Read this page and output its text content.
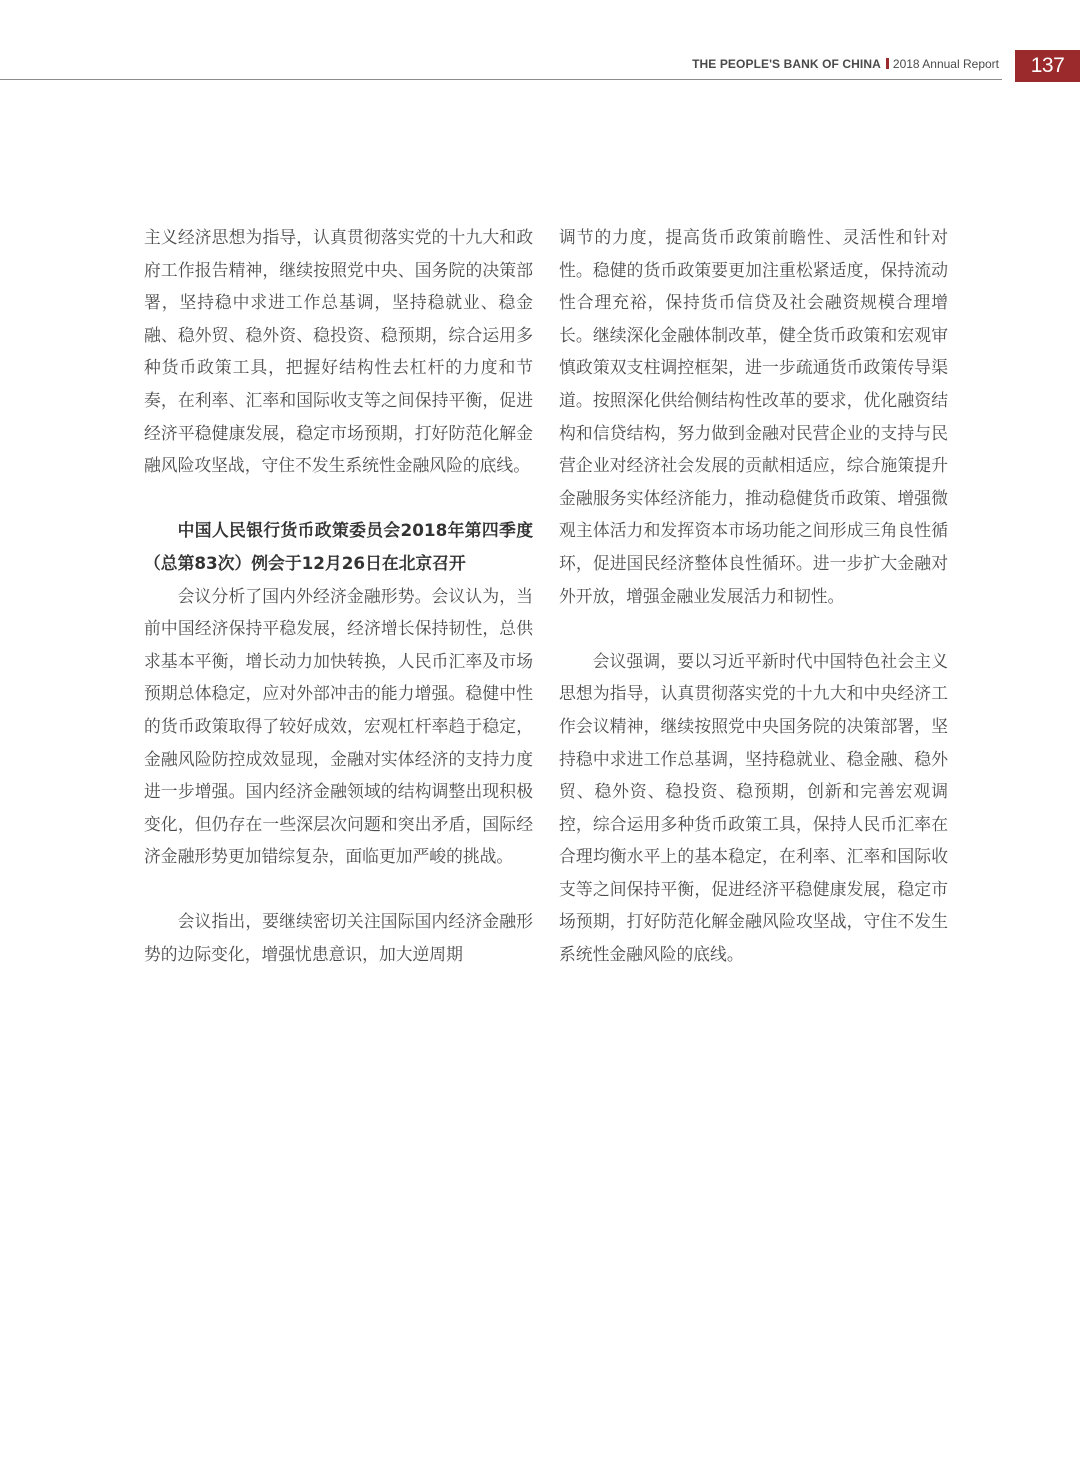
THE PEOPLE'S BANK OF CHINA 2018 Annual Report	137

主义经济思想为指导，认真贯彻落实党的十九大和政府工作报告精神，继续按照党中央、国务院的决策部署，坚持稳中求进工作总基调，坚持稳就业、稳金融、稳外贸、稳外资、稳投资、稳预期，综合运用多种货币政策工具，把握好结构性去杠杆的力度和节奏，在利率、汇率和国际收支等之间保持平衡，促进经济平稳健康发展，稳定市场预期，打好防范化解金融风险攻坚战，守住不发生系统性金融风险的底线。

中国人民银行货币政策委员会2018年第四季度（总第83次）例会于12月26日在北京召开

会议分析了国内外经济金融形势。会议认为，当前中国经济保持平稳发展，经济增长保持韧性，总供求基本平衡，增长动力加快转换，人民币汇率及市场预期总体稳定，应对外部冲击的能力增强。稳健中性的货币政策取得了较好成效，宏观杠杆率趋于稳定，金融风险防控成效显现，金融对实体经济的支持力度进一步增强。国内经济金融领域的结构调整出现积极变化，但仍存在一些深层次问题和突出矛盾，国际经济金融形势更加错综复杂，面临更加严峻的挑战。

会议指出，要继续密切关注国际国内经济金融形势的边际变化，增强忧患意识，加大逆周期

调节的力度，提高货币政策前瞻性、灵活性和针对性。稳健的货币政策要更加注重松紧适度，保持流动性合理充裕，保持货币信贷及社会融资规模合理增长。继续深化金融体制改革，健全货币政策和宏观审慎政策双支柱调控框架，进一步疏通货币政策传导渠道。按照深化供给侧结构性改革的要求，优化融资结构和信贷结构，努力做到金融对民营企业的支持与民营企业对经济社会发展的贡献相适应，综合施策提升金融服务实体经济能力，推动稳健货币政策、增强微观主体活力和发挥资本市场功能之间形成三角良性循环，促进国民经济整体良性循环。进一步扩大金融对外开放，增强金融业发展活力和韧性。

会议强调，要以习近平新时代中国特色社会主义思想为指导，认真贯彻落实党的十九大和中央经济工作会议精神，继续按照党中央国务院的决策部署，坚持稳中求进工作总基调，坚持稳就业、稳金融、稳外贸、稳外资、稳投资、稳预期，创新和完善宏观调控，综合运用多种货币政策工具，保持人民币汇率在合理均衡水平上的基本稳定，在利率、汇率和国际收支等之间保持平衡，促进经济平稳健康发展，稳定市场预期，打好防范化解金融风险攻坚战，守住不发生系统性金融风险的底线。
